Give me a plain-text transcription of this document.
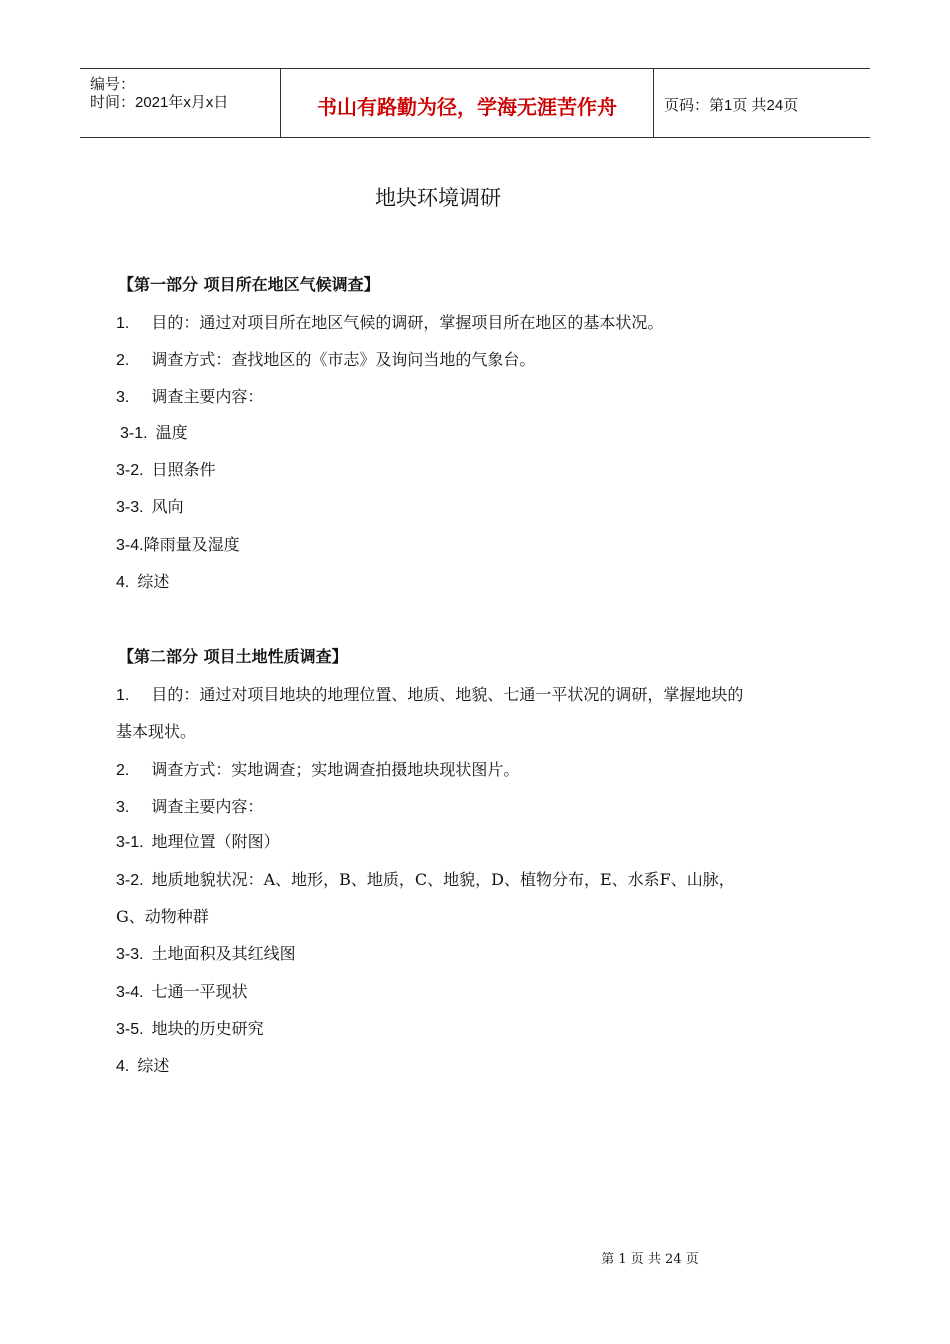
编号：
时间：2021年x月x日	书山有路勤为径，学海无涯苦作舟	页码：第1页 共24页
地块环境调研
【第一部分 项目所在地区气候调查】
1. 目的：通过对项目所在地区气候的调研，掌握项目所在地区的基本状况。
2. 调查方式：查找地区的《市志》及询问当地的气象台。
3. 调查主要内容：
3-1. 温度
3-2. 日照条件
3-3. 风向
3-4.降雨量及湿度
4. 综述
【第二部分 项目土地性质调查】
1. 目的：通过对项目地块的地理位置、地质、地貌、七通一平状况的调研，掌握地块的
基本现状。
2. 调查方式：实地调查；实地调查拍摄地块现状图片。
3. 调查主要内容：
3-1. 地理位置（附图）
3-2. 地质地貌状况：A、地形，B、地质，C、地貌，D、植物分布，E、水系F、山脉，
G、动物种群
3-3. 土地面积及其红线图
3-4. 七通一平现状
3-5. 地块的历史研究
4. 综述
第 1 页 共 24 页
